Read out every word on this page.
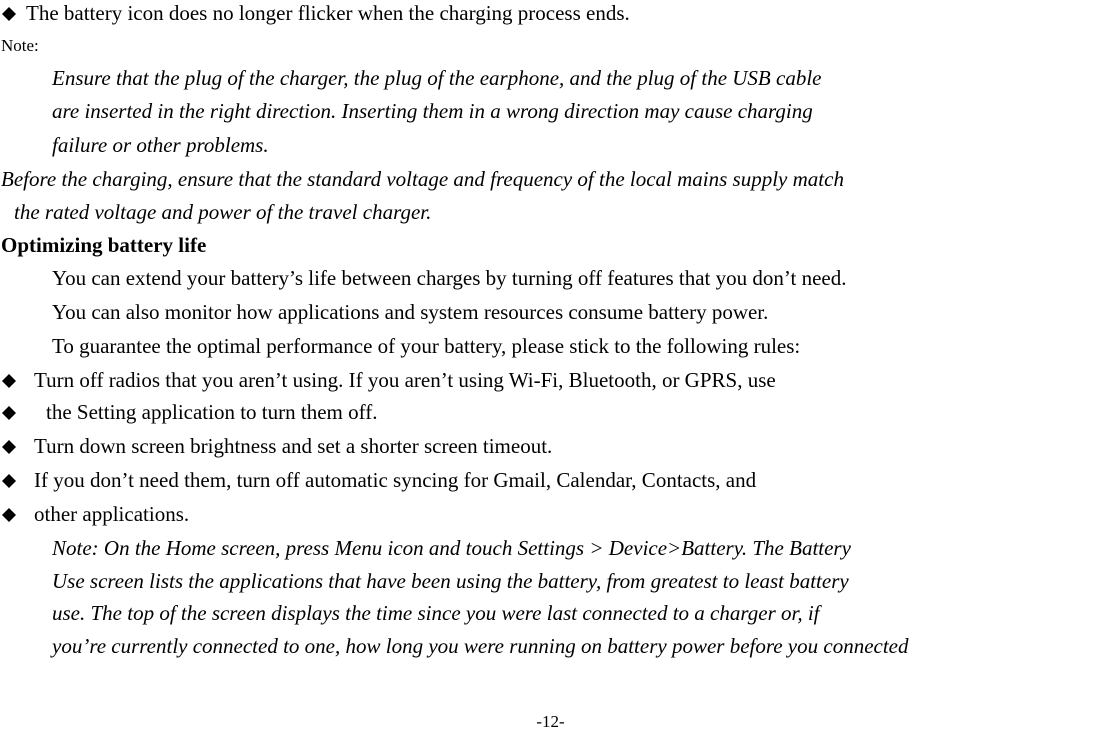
The battery icon does no longer flicker when the charging process ends.
Note:
Ensure that the plug of the charger, the plug of the earphone, and the plug of the USB cable
are inserted in the right direction. Inserting them in a wrong direction may cause charging
failure or other problems.
Before the charging, ensure that the standard voltage and frequency of the local mains supply match
the rated voltage and power of the travel charger.
Optimizing battery life
You can extend your battery’s life between charges by turning off features that you don’t need.
You can also monitor how applications and system resources consume battery power.
To guarantee the optimal performance of your battery, please stick to the following rules:
Turn off radios that you aren’t using. If you aren’t using Wi-Fi, Bluetooth, or GPRS, use
the Setting application to turn them off.
Turn down screen brightness and set a shorter screen timeout.
If you don’t need them, turn off automatic syncing for Gmail, Calendar, Contacts, and
other applications.
Note: On the Home screen, press Menu icon and touch Settings > Device>Battery. The Battery
Use screen lists the applications that have been using the battery, from greatest to least battery
use. The top of the screen displays the time since you were last connected to a charger or, if
you’re currently connected to one, how long you were running on battery power before you connected
-12-
